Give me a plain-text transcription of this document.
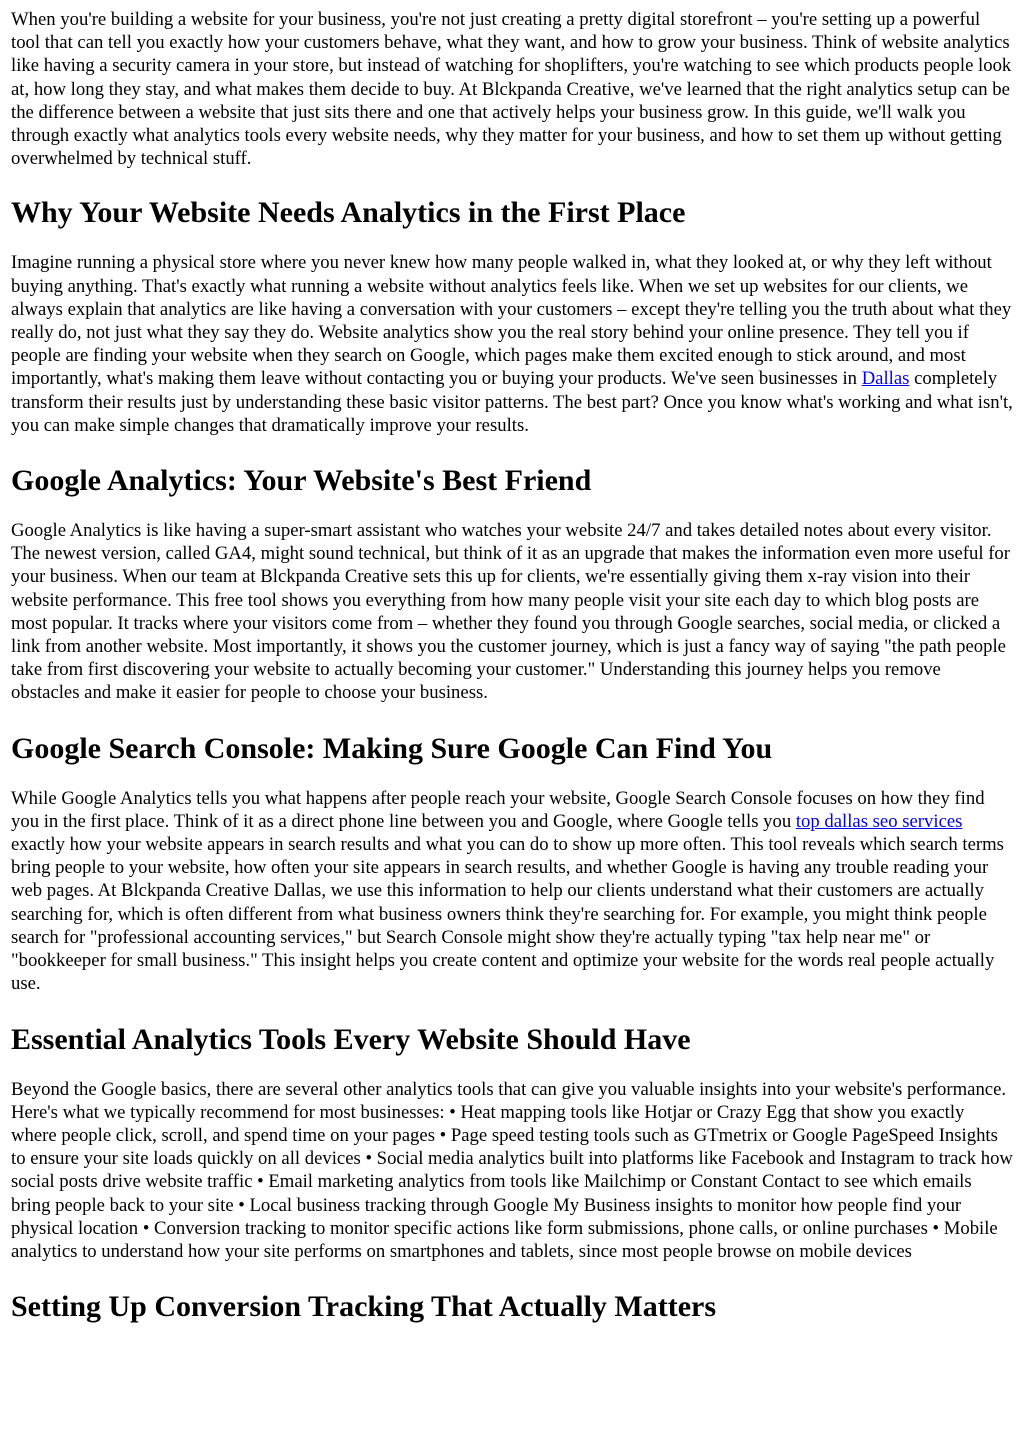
When you're building a website for your business, you're not just creating a pretty digital storefront – you're setting up a powerful tool that can tell you exactly how your customers behave, what they want, and how to grow your business. Think of website analytics like having a security camera in your store, but instead of watching for shoplifters, you're watching to see which products people look at, how long they stay, and what makes them decide to buy. At Blckpanda Creative, we've learned that the right analytics setup can be the difference between a website that just sits there and one that actively helps your business grow. In this guide, we'll walk you through exactly what analytics tools every website needs, why they matter for your business, and how to set them up without getting overwhelmed by technical stuff.

Why Your Website Needs Analytics in the First Place

Imagine running a physical store where you never knew how many people walked in, what they looked at, or why they left without buying anything. That's exactly what running a website without analytics feels like. When we set up websites for our clients, we always explain that analytics are like having a conversation with your customers – except they're telling you the truth about what they really do, not just what they say they do. Website analytics show you the real story behind your online presence. They tell you if people are finding your website when they search on Google, which pages make them excited enough to stick around, and most importantly, what's making them leave without contacting you or buying your products. We've seen businesses in Dallas completely transform their results just by understanding these basic visitor patterns. The best part? Once you know what's working and what isn't, you can make simple changes that dramatically improve your results.

Google Analytics: Your Website's Best Friend

Google Analytics is like having a super-smart assistant who watches your website 24/7 and takes detailed notes about every visitor. The newest version, called GA4, might sound technical, but think of it as an upgrade that makes the information even more useful for your business. When our team at Blckpanda Creative sets this up for clients, we're essentially giving them x-ray vision into their website performance. This free tool shows you everything from how many people visit your site each day to which blog posts are most popular. It tracks where your visitors come from – whether they found you through Google searches, social media, or clicked a link from another website. Most importantly, it shows you the customer journey, which is just a fancy way of saying "the path people take from first discovering your website to actually becoming your customer." Understanding this journey helps you remove obstacles and make it easier for people to choose your business.

Google Search Console: Making Sure Google Can Find You

While Google Analytics tells you what happens after people reach your website, Google Search Console focuses on how they find you in the first place. Think of it as a direct phone line between you and Google, where Google tells you top dallas seo services exactly how your website appears in search results and what you can do to show up more often. This tool reveals which search terms bring people to your website, how often your site appears in search results, and whether Google is having any trouble reading your web pages. At Blckpanda Creative Dallas, we use this information to help our clients understand what their customers are actually searching for, which is often different from what business owners think they're searching for. For example, you might think people search for "professional accounting services," but Search Console might show they're actually typing "tax help near me" or "bookkeeper for small business." This insight helps you create content and optimize your website for the words real people actually use.

Essential Analytics Tools Every Website Should Have

Beyond the Google basics, there are several other analytics tools that can give you valuable insights into your website's performance. Here's what we typically recommend for most businesses: • Heat mapping tools like Hotjar or Crazy Egg that show you exactly where people click, scroll, and spend time on your pages • Page speed testing tools such as GTmetrix or Google PageSpeed Insights to ensure your site loads quickly on all devices • Social media analytics built into platforms like Facebook and Instagram to track how social posts drive website traffic • Email marketing analytics from tools like Mailchimp or Constant Contact to see which emails bring people back to your site • Local business tracking through Google My Business insights to monitor how people find your physical location • Conversion tracking to monitor specific actions like form submissions, phone calls, or online purchases • Mobile analytics to understand how your site performs on smartphones and tablets, since most people browse on mobile devices

Setting Up Conversion Tracking That Actually Matters
